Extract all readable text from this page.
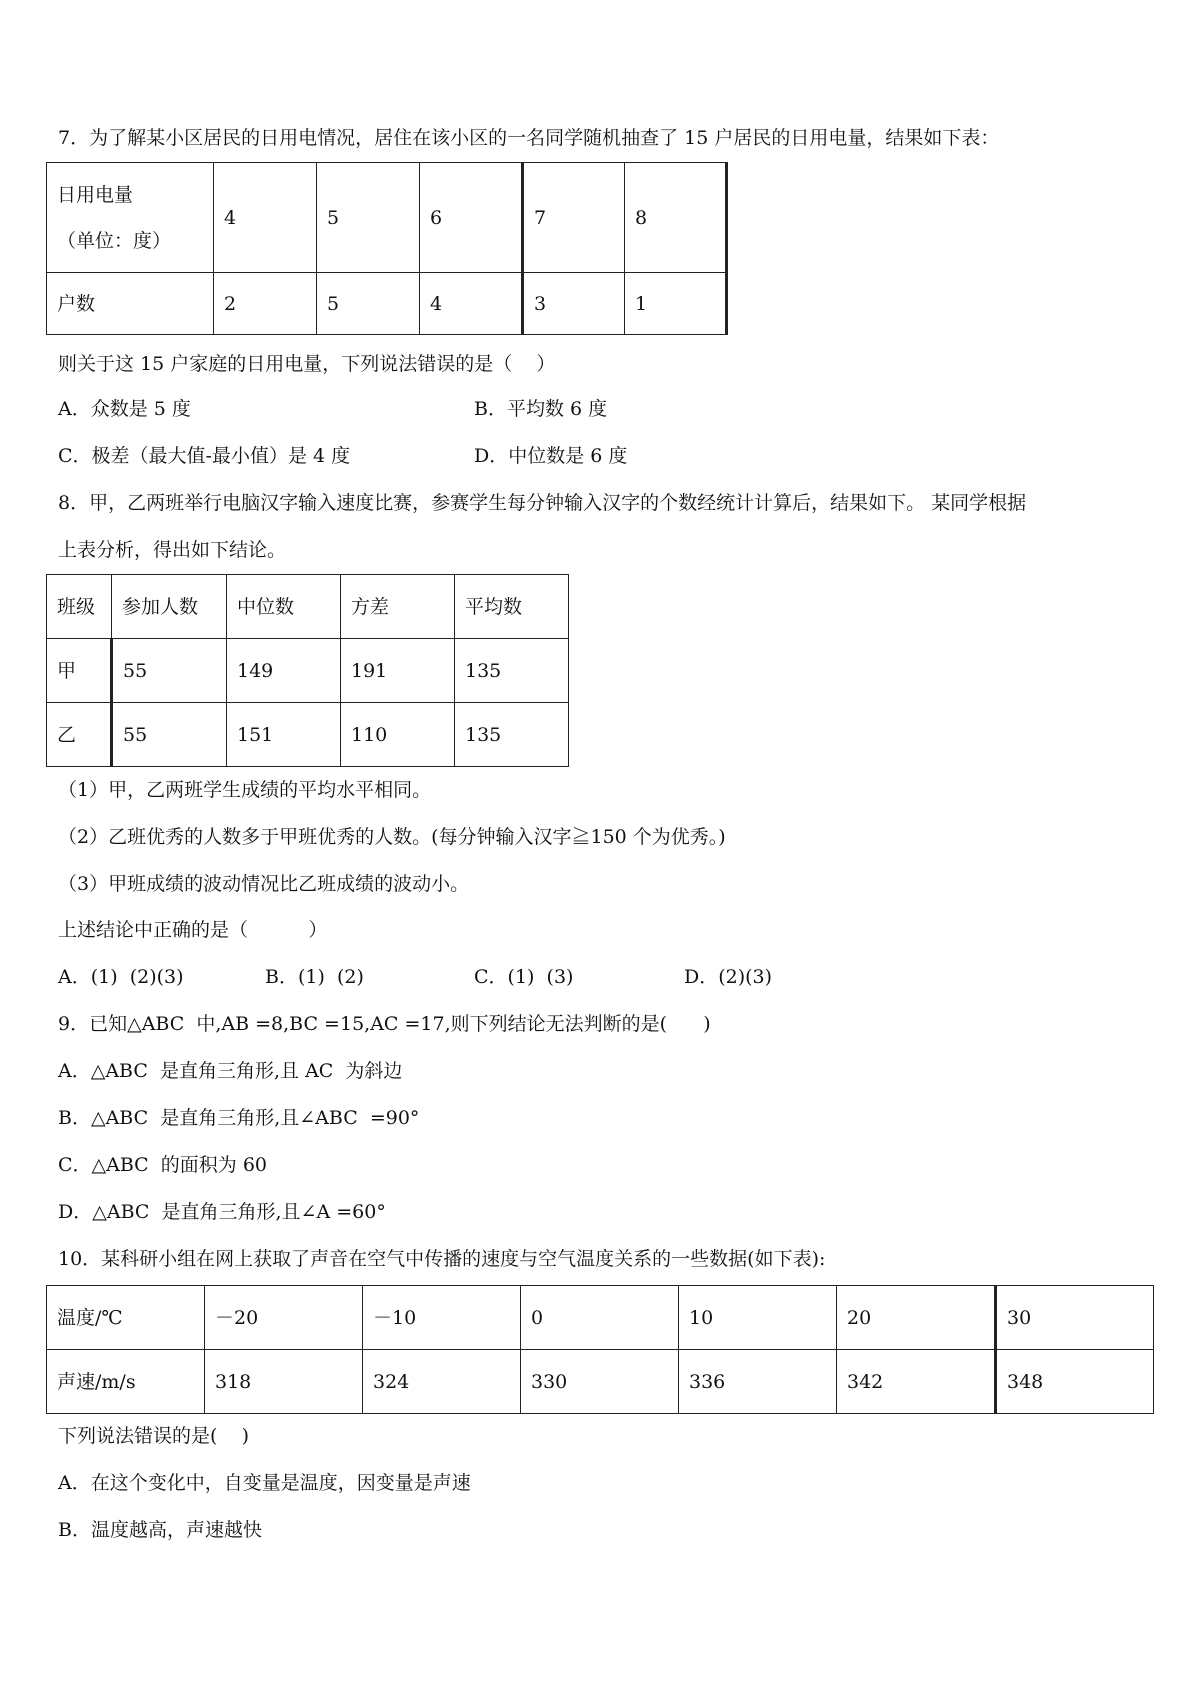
7．为了解某小区居民的日用电情况，居住在该小区的一名同学随机抽查了 15 户居民的日用电量，结果如下表：
日用电量
（单位：度）	4	5	6	7	8
户数	2	5	4	3	1
则关于这 15 户家庭的日用电量，下列说法错误的是（    ）
A．众数是 5 度	B．平均数 6 度
C．极差（最大值-最小值）是 4 度	D．中位数是 6 度
8．甲，乙两班举行电脑汉字输入速度比赛，参赛学生每分钟输入汉字的个数经统计计算后，结果如下。 某同学根据
上表分析，得出如下结论。
班级	参加人数	中位数	方差	平均数
甲	55	149	191	135
乙	55	151	110	135
（1）甲，乙两班学生成绩的平均水平相同。
（2）乙班优秀的人数多于甲班优秀的人数。(每分钟输入汉字≧150 个为优秀。)
（3）甲班成绩的波动情况比乙班成绩的波动小。
上述结论中正确的是（          ）
A．(1)  (2)(3)	B．(1)  (2)	C．(1)  (3)	D．(2)(3)
9．已知△ABC  中,AB =8,BC =15,AC =17,则下列结论无法判断的是(      )
A．△ABC  是直角三角形,且 AC  为斜边
B．△ABC  是直角三角形,且∠ABC  =90°
C．△ABC  的面积为 60
D．△ABC  是直角三角形,且∠A =60°
10．某科研小组在网上获取了声音在空气中传播的速度与空气温度关系的一些数据(如下表):
温度/℃	－20	－10	0	10	20	30
声速/m/s	318	324	330	336	342	348
下列说法错误的是(    )
A．在这个变化中，自变量是温度，因变量是声速
B．温度越高，声速越快
